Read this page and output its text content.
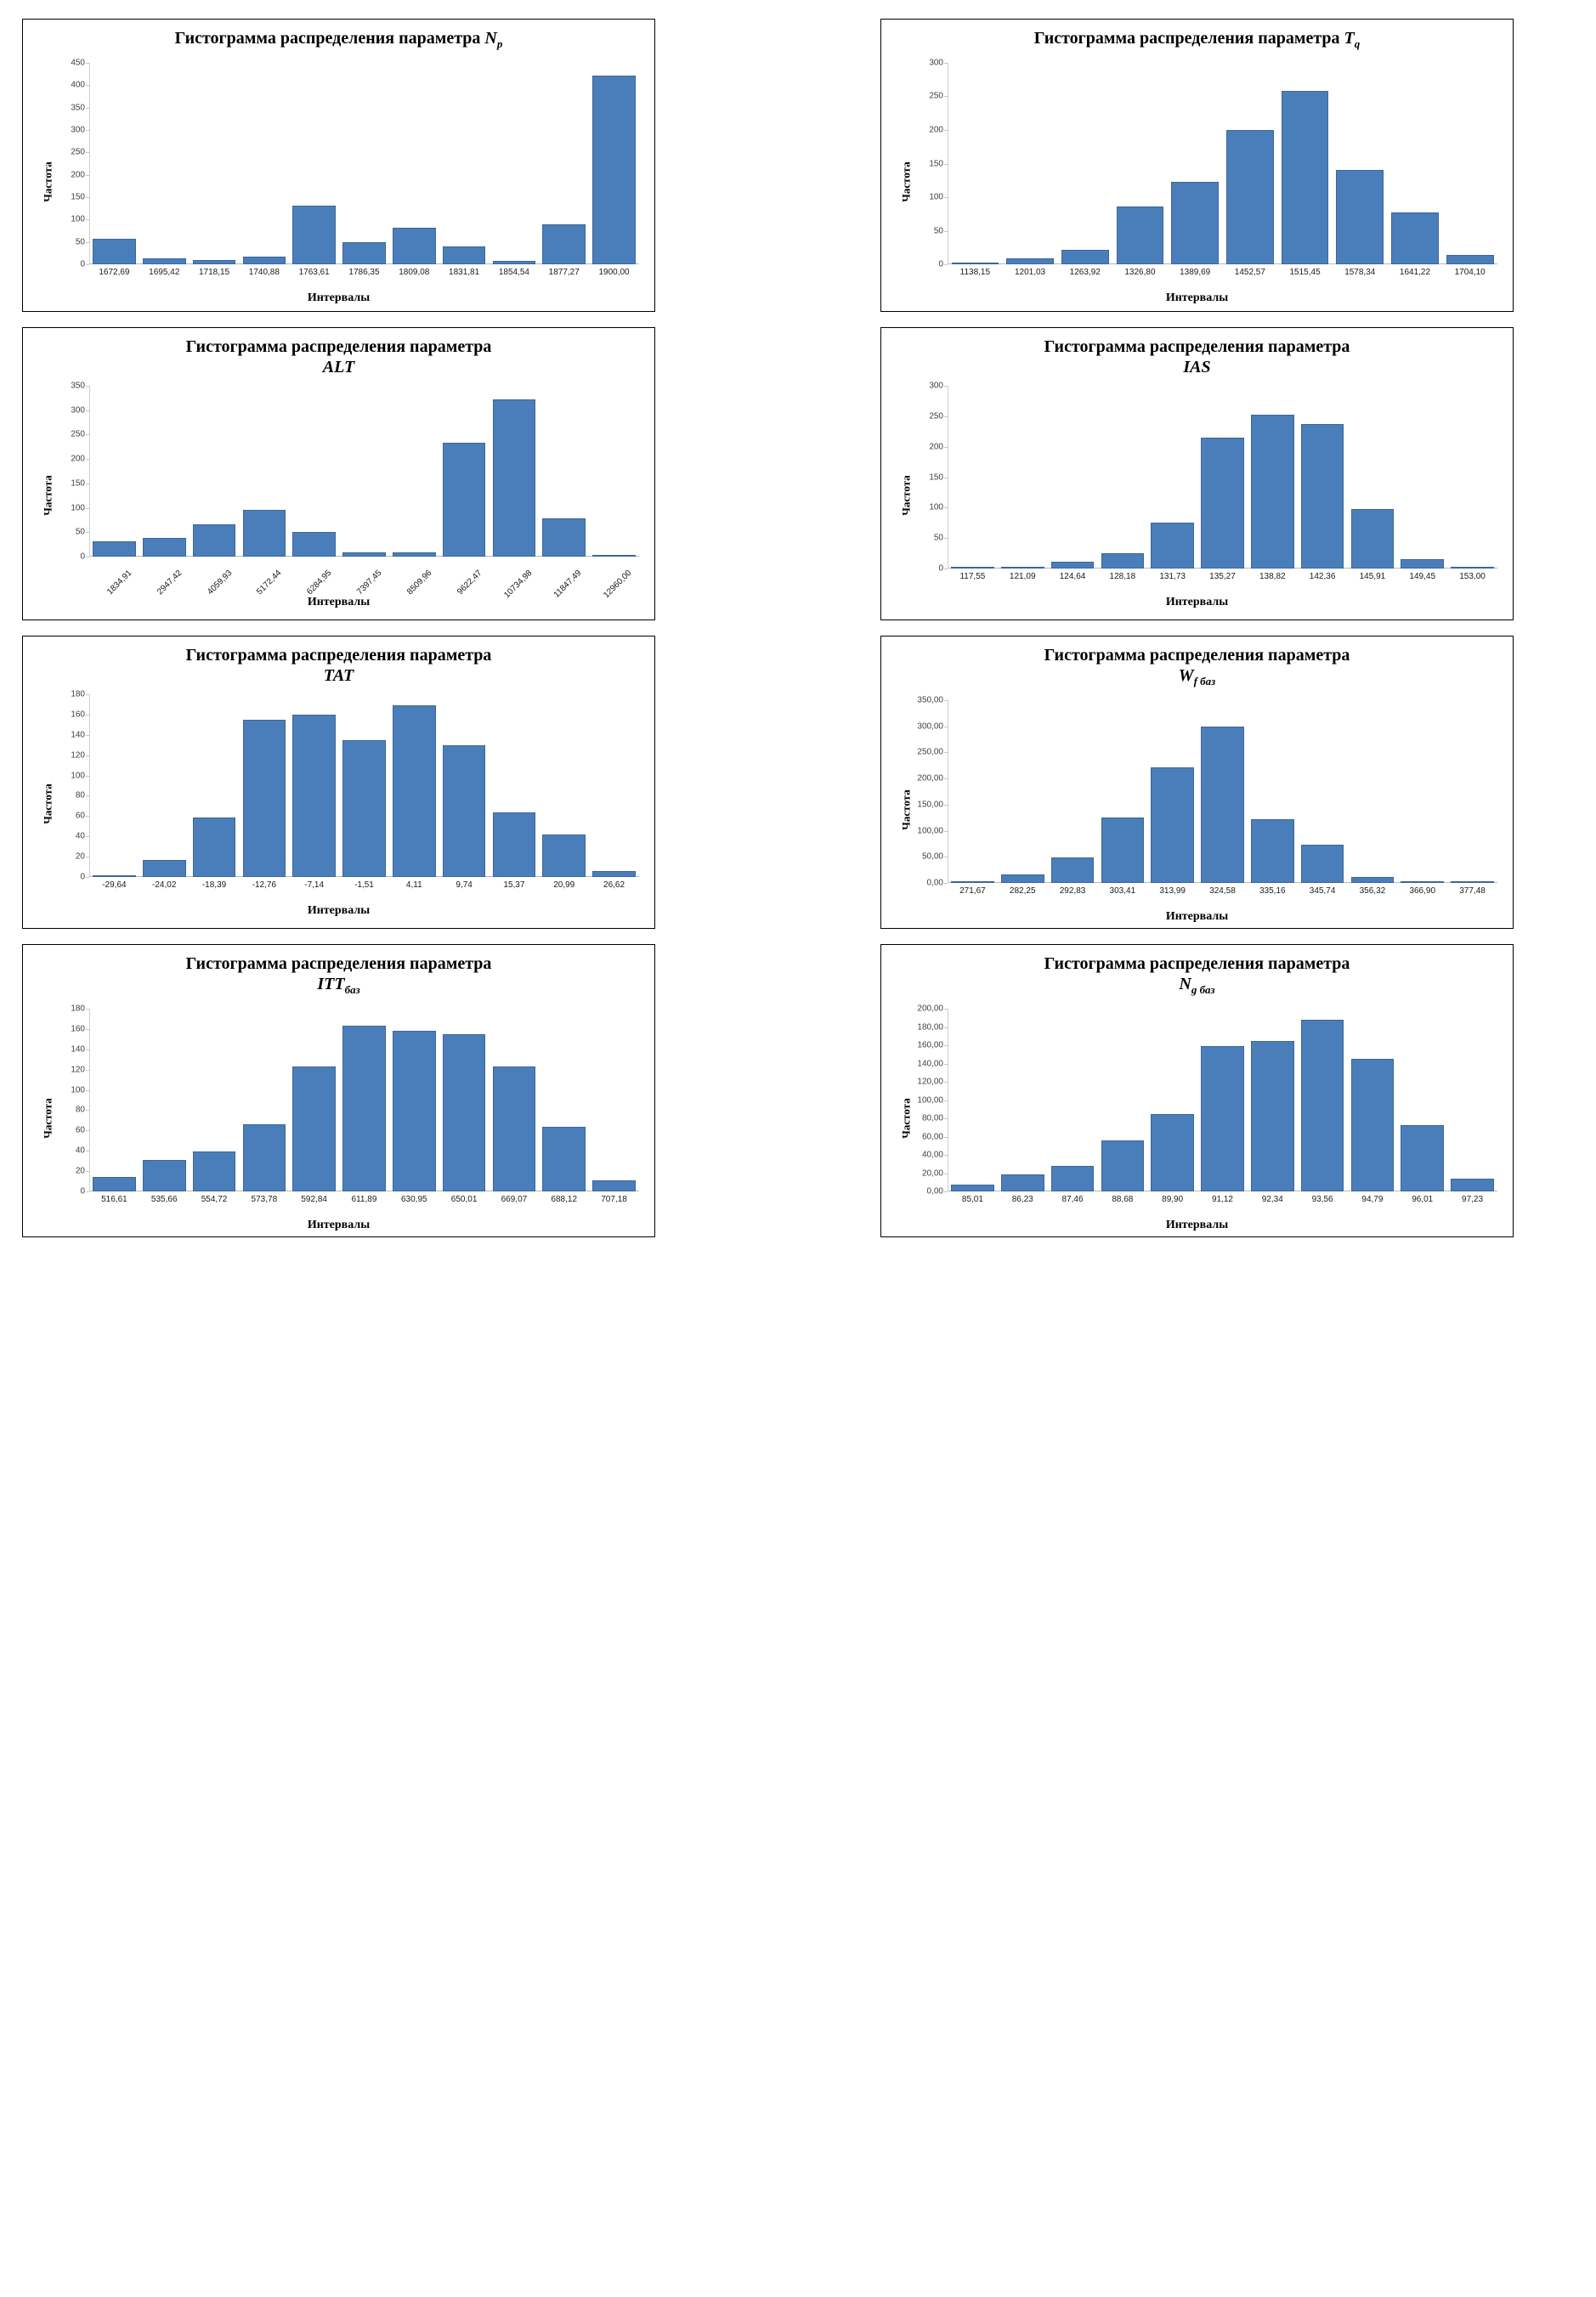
Гистограмма распределения параметра $N_p$
Частота
0
50
100
150
200
250
300
350
400
450
1672,69	1695,42	1718,15	1740,88	1763,61	1786,35	1809,08	1831,81	1854,54	1877,27	1900,00
Интервалы
Гистограмма распределения параметра $T_q$
Частота
0
50
100
150
200
250
300
1138,15	1201,03	1263,92	1326,80	1389,69	1452,57	1515,45	1578,34	1641,22	1704,10
Интервалы
Гистограмма распределения параметра
ALT
Частота
0
50
100
150
200
250
300
350
1834,91	2947,42	4059,93	5172,44	6284,95	7397,45	8509,96	9622,47	10734,98	11847,49	12960,00
Интервалы
Гистограмма распределения параметра
IAS
Частота
0
50
100
150
200
250
300
117,55	121,09	124,64	128,18	131,73	135,27	138,82	142,36	145,91	149,45	153,00
Интервалы
Гистограмма распределения параметра
TAT
Частота
0
20
40
60
80
100
120
140
160
180
-29,64	-24,02	-18,39	-12,76	-7,14	-1,51	4,11	9,74	15,37	20,99	26,62
Интервалы
Гистограмма распределения параметра
$W_{f баз}$
Частота
0,00
50,00
100,00
150,00
200,00
250,00
300,00
350,00
271,67	282,25	292,83	303,41	313,99	324,58	335,16	345,74	356,32	366,90	377,48
Интервалы
Гистограмма распределения параметра
$ITT_{баз}$
Частота
0
20
40
60
80
100
120
140
160
180
516,61	535,66	554,72	573,78	592,84	611,89	630,95	650,01	669,07	688,12	707,18
Интервалы
Гистограмма распределения параметра
$N_{g баз}$
Частота
0,00
20,00
40,00
60,00
80,00
100,00
120,00
140,00
160,00
180,00
200,00
85,01	86,23	87,46	88,68	89,90	91,12	92,34	93,56	94,79	96,01	97,23
Интервалы
